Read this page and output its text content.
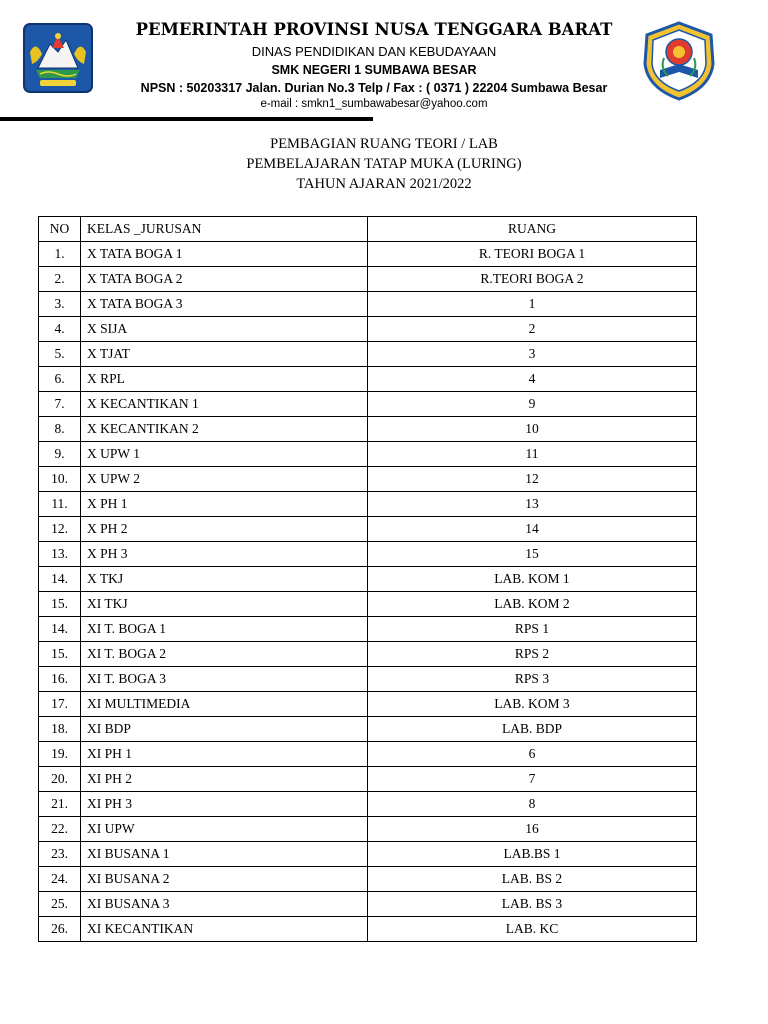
PEMERINTAH PROVINSI NUSA TENGGARA BARAT
DINAS PENDIDIKAN DAN KEBUDAYAAN
SMK NEGERI 1 SUMBAWA BESAR
NPSN : 50203317 Jalan. Durian No.3 Telp / Fax : ( 0371 ) 22204 Sumbawa Besar
e-mail : smkn1_sumbawabesar@yahoo.com
PEMBAGIAN RUANG TEORI / LAB
PEMBELAJARAN TATAP MUKA (LURING)
TAHUN AJARAN 2021/2022
NO	KELAS _JURUSAN	RUANG
1.	X TATA BOGA 1	R. TEORI BOGA 1
2.	X TATA BOGA 2	R.TEORI BOGA 2
3.	X TATA BOGA 3	1
4.	X SIJA	2
5.	X TJAT	3
6.	X RPL	4
7.	X KECANTIKAN 1	9
8.	X KECANTIKAN 2	10
9.	X UPW 1	11
10.	X UPW 2	12
11.	X PH 1	13
12.	X PH 2	14
13.	X PH 3	15
14.	X TKJ	LAB. KOM 1
15.	XI TKJ	LAB. KOM 2
14.	XI T. BOGA 1	RPS 1
15.	XI T. BOGA 2	RPS 2
16.	XI T. BOGA 3	RPS 3
17.	XI MULTIMEDIA	LAB. KOM 3
18.	XI BDP	LAB. BDP
19.	XI PH 1	6
20.	XI PH 2	7
21.	XI PH 3	8
22.	XI UPW	16
23.	XI BUSANA 1	LAB.BS 1
24.	XI BUSANA 2	LAB. BS 2
25.	XI BUSANA 3	LAB. BS 3
26.	XI KECANTIKAN	LAB. KC
